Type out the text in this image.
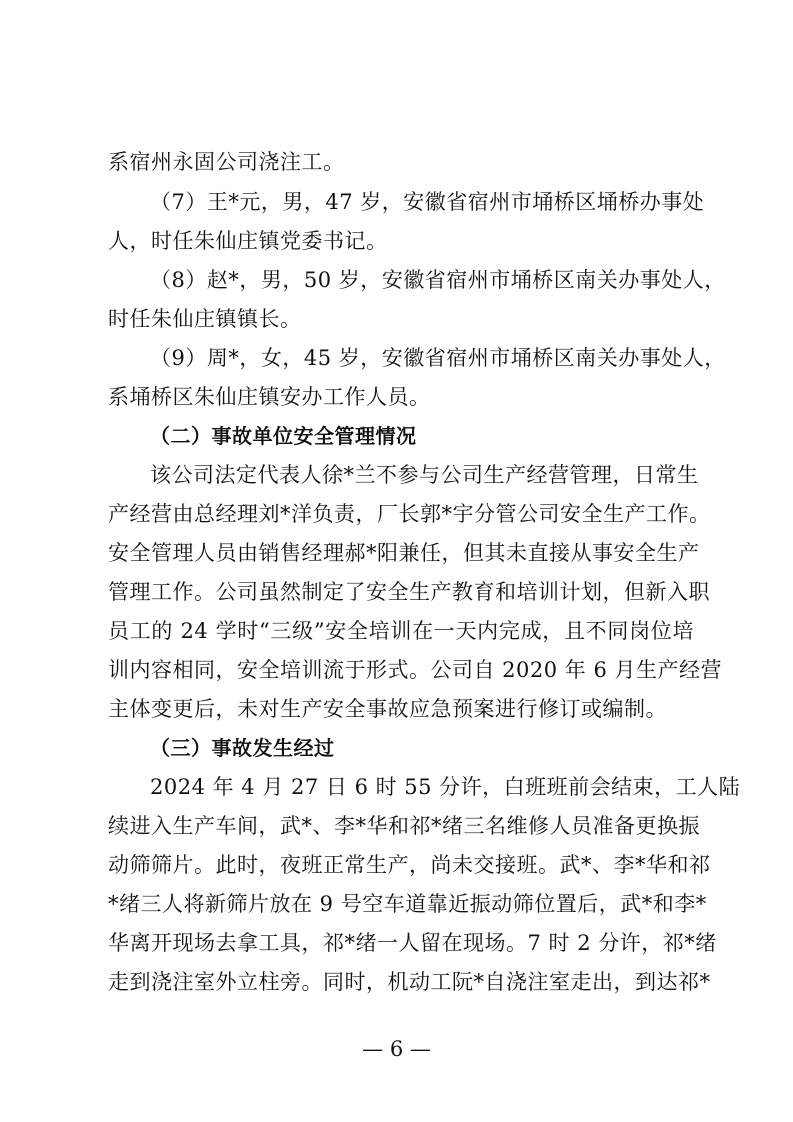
系宿州永固公司浇注工。
（7）王*元，男，47 岁，安徽省宿州市埇桥区埇桥办事处
人，时任朱仙庄镇党委书记。
（8）赵*，男，50 岁，安徽省宿州市埇桥区南关办事处人，
时任朱仙庄镇镇长。
（9）周*，女，45 岁，安徽省宿州市埇桥区南关办事处人，
系埇桥区朱仙庄镇安办工作人员。
（二）事故单位安全管理情况
该公司法定代表人徐*兰不参与公司生产经营管理，日常生
产经营由总经理刘*洋负责，厂长郭*宇分管公司安全生产工作。
安全管理人员由销售经理郝*阳兼任，但其未直接从事安全生产
管理工作。公司虽然制定了安全生产教育和培训计划，但新入职
员工的 24 学时“三级”安全培训在一天内完成，且不同岗位培
训内容相同，安全培训流于形式。公司自 2020 年 6 月生产经营
主体变更后，未对生产安全事故应急预案进行修订或编制。
（三）事故发生经过
2024 年 4 月 27 日 6 时 55 分许，白班班前会结束，工人陆
续进入生产车间，武*、李*华和祁*绪三名维修人员准备更换振
动筛筛片。此时，夜班正常生产，尚未交接班。武*、李*华和祁
*绪三人将新筛片放在 9 号空车道靠近振动筛位置后，武*和李*
华离开现场去拿工具，祁*绪一人留在现场。7 时 2 分许，祁*绪
走到浇注室外立柱旁。同时，机动工阮*自浇注室走出，到达祁*
— 6 —
